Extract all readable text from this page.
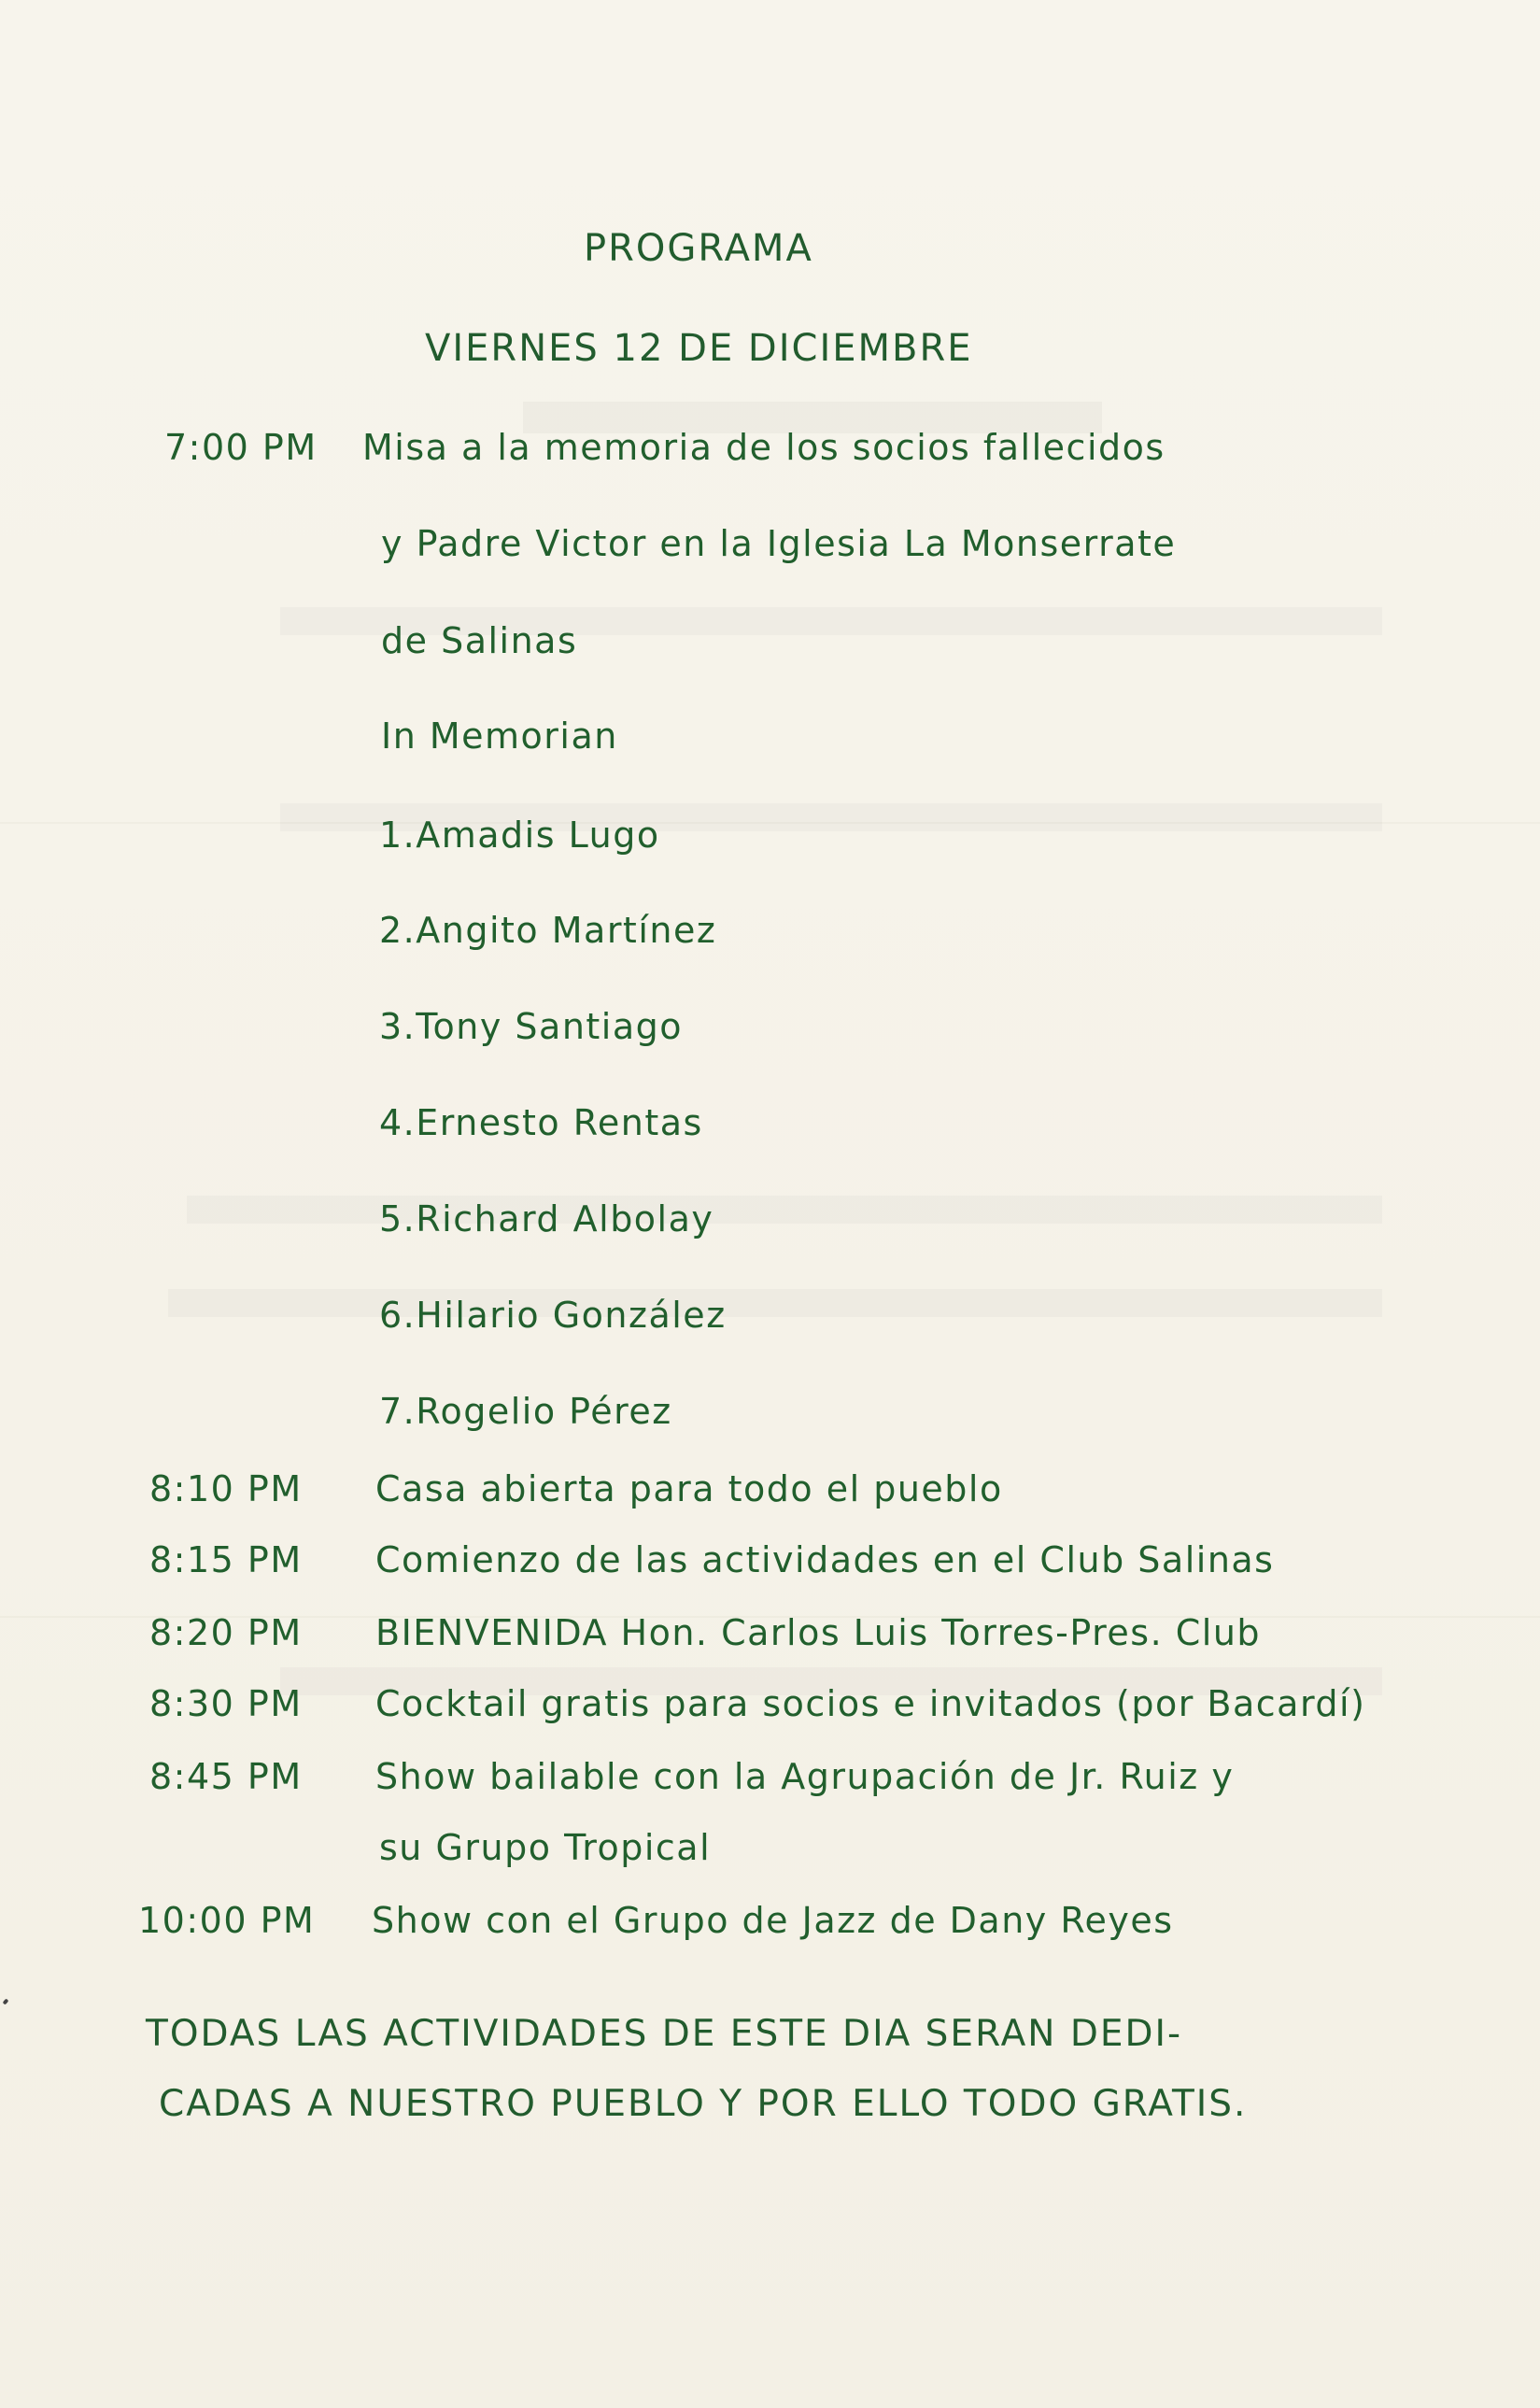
PROGRAMA
VIERNES 12 DE DICIEMBRE
7:00 PM Misa a la memoria de los socios fallecidos
y Padre Victor en la Iglesia La Monserrate
de Salinas
In Memorian
1.Amadis Lugo
2.Angito Martínez
3.Tony Santiago
4.Ernesto Rentas
5.Richard Albolay
6.Hilario González
7.Rogelio Pérez
8:10 PM Casa abierta para todo el pueblo
8:15 PM Comienzo de las actividades en el Club Salinas
8:20 PM BIENVENIDA Hon. Carlos Luis Torres-Pres. Club
8:30 PM Cocktail gratis para socios e invitados (por Bacardí)
8:45 PM Show bailable con la Agrupación de Jr. Ruiz y
su Grupo Tropical
10:00 PM Show con el Grupo de Jazz de Dany Reyes
TODAS LAS ACTIVIDADES DE ESTE DIA SERAN DEDI-
CADAS A NUESTRO PUEBLO Y POR ELLO TODO GRATIS.
